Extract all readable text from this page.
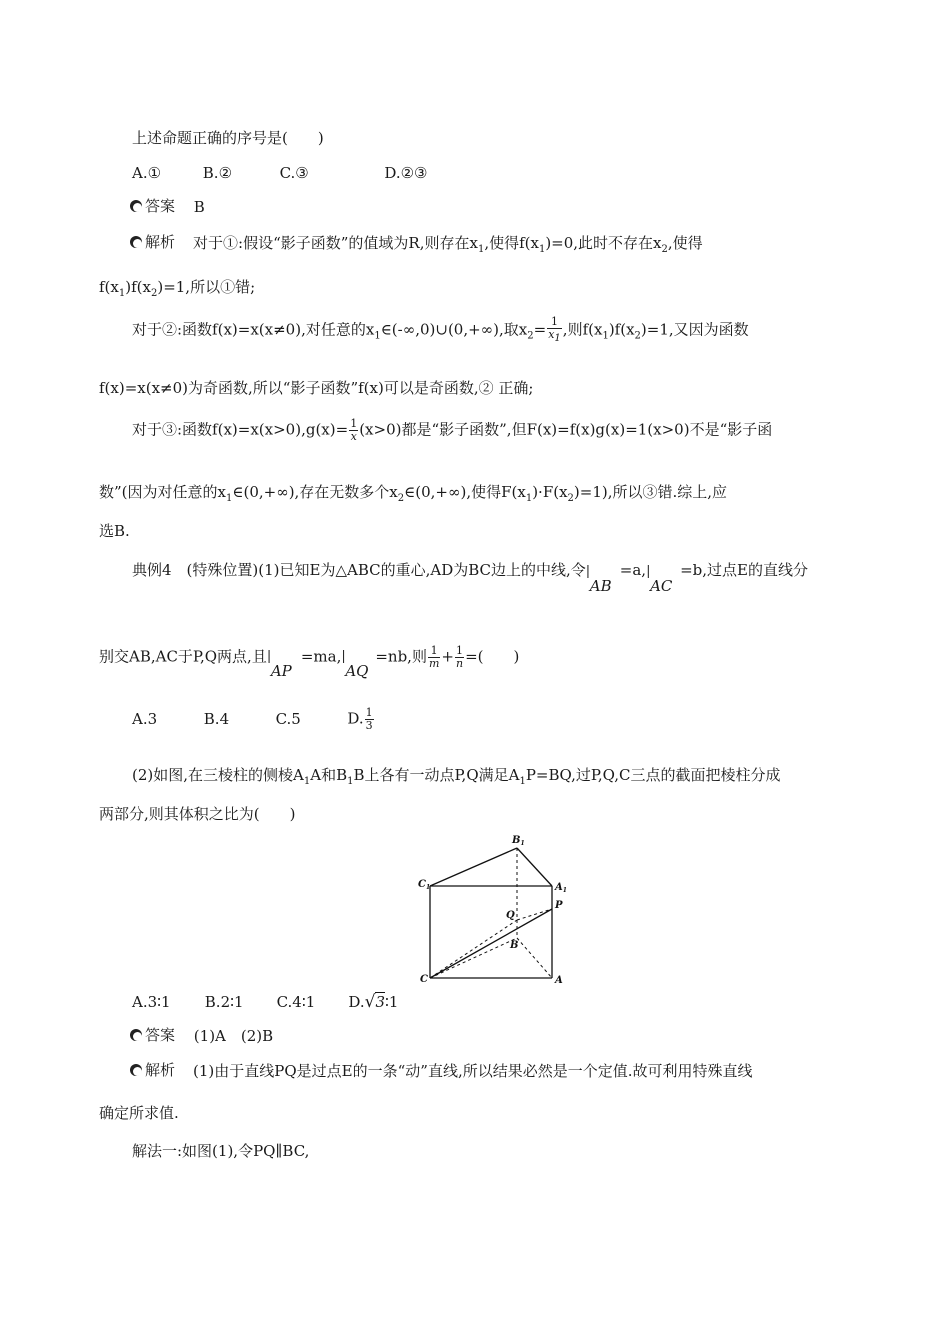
上述命题正确的序号是(　　)
A.①	B.②	C.③	D.②③
答案 B
解析 对于①:假设“影子函数”的值域为R,则存在$x_1$,使得$f(x_1)=0$,此时不存在$x_2$,使得
$f(x_1)f(x_2)=1$,所以①错;
对于②:函数f(x)=x(x≠0),对任意的$x_1\in(-\infty,0)\cup(0,+\infty)$,取$x_2= \frac{1}{x_1}$ ,则$f(x_1)f(x_2)=1$,又因为函数
f(x)=x(x≠0)为奇函数,所以“影子函数”f(x)可以是奇函数,② 正确;
对于③:函数$f(x)=x(x>0),g(x)= \frac{1}{x} (x>0)$都是“影子函数”,但F(x)=f(x)g(x)=1(x>0)不是“影子函
数”(因为对任意的$x_1\in(0,+\infty)$,存在无数多个$x_2\in(0,+\infty)$,使得$F(x_1)\cdot F(x_2)=1$),所以③错.综上,应
选B.
典例4　(特殊位置)(1)已知E为△ABC的重心,AD为BC边上的中线,令 |
AB
=a, |
AC
=b,过点E的直线分
别交AB,AC于P,Q两点,且 |
AP
=ma, |
AQ
=nb,则 $\frac{1}{m} + \frac{1}{n}$ =(　　)
A.3	B.4	C.5	D. $\frac{1}{3}$
(2)如图,在三棱柱的侧棱$A_1A$和$B_1B$上各有一动点P,Q满足$A_1P=BQ$,过P,Q,C三点的截面把棱柱分成
两部分,则其体积之比为(　　)
$B_1$
$C_1$	$A_1$
Q
P
B
C	A
A.3∶1 B.2∶1 C.4∶1 D.√3∶1
答案 (1)A　(2)B
解析 (1)由于直线PQ是过点E的一条“动”直线,所以结果必然是一个定值.故可利用特殊直线
确定所求值.
解法一:如图(1),令PQ∥BC,
